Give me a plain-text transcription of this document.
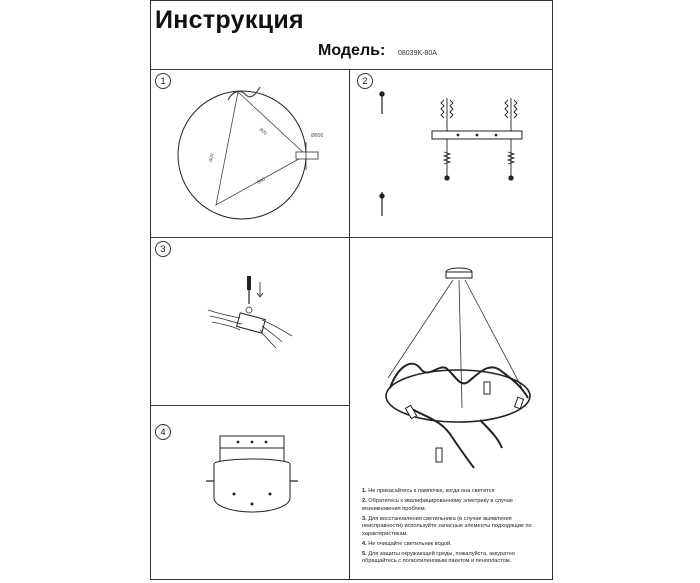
Инструкция
Модель: 08039K-80A
1	2
3
4
800
800
800
Ø800

1. Не прикасайтесь к лампочке, когда она светится

2. Обратитесь к квалифицированному электрику в случае возникновения проблем.

3. Для восстановления светильника (в случае выявления неисправности) используйте запасные элементы подходящие по характеристикам.

4. Не очищайте светильник водой.

5. Для защиты окружающей среды, пожалуйста, аккуратно обращайтесь с полиэтиленовым пакетом и пенопластом.
